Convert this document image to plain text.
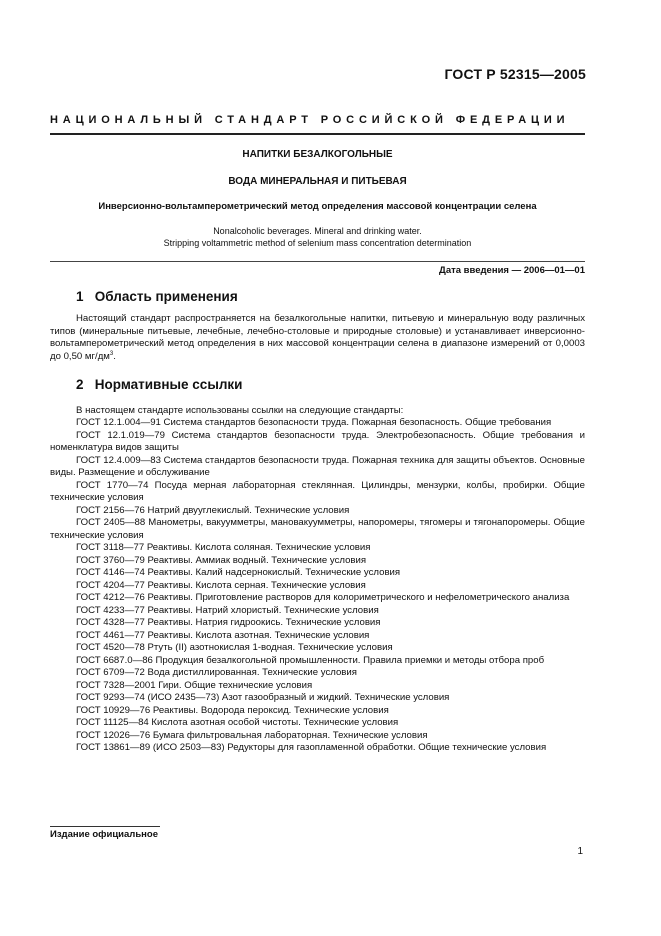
ГОСТ Р 52315—2005
НАЦИОНАЛЬНЫЙ СТАНДАРТ РОССИЙСКОЙ ФЕДЕРАЦИИ
НАПИТКИ БЕЗАЛКОГОЛЬНЫЕ
ВОДА МИНЕРАЛЬНАЯ И ПИТЬЕВАЯ
Инверсионно-вольтамперометрический метод определения массовой концентрации селена
Nonalcoholic beverages. Mineral and drinking water.
Stripping voltammetric method of selenium mass concentration determination
Дата введения — 2006—01—01
1 Область применения
Настоящий стандарт распространяется на безалкогольные напитки, питьевую и минеральную воду различных типов (минеральные питьевые, лечебные, лечебно-столовые и природные столовые) и устанавливает инверсионно-вольтамперометрический метод определения в них массовой концентрации селена в диапазоне измерений от 0,0003 до 0,50 $мг/дм^3$.
2 Нормативные ссылки
В настоящем стандарте использованы ссылки на следующие стандарты:
ГОСТ 12.1.004—91 Система стандартов безопасности труда. Пожарная безопасность. Общие требования
ГОСТ 12.1.019—79 Система стандартов безопасности труда. Электробезопасность. Общие требования и номенклатура видов защиты
ГОСТ 12.4.009—83 Система стандартов безопасности труда. Пожарная техника для защиты объектов. Основные виды. Размещение и обслуживание
ГОСТ 1770—74 Посуда мерная лабораторная стеклянная. Цилиндры, мензурки, колбы, пробирки. Общие технические условия
ГОСТ 2156—76 Натрий двууглекислый. Технические условия
ГОСТ 2405—88 Манометры, вакуумметры, мановакуумметры, напоромеры, тягомеры и тягонапоромеры. Общие технические условия
ГОСТ 3118—77 Реактивы. Кислота соляная. Технические условия
ГОСТ 3760—79 Реактивы. Аммиак водный. Технические условия
ГОСТ 4146—74 Реактивы. Калий надсернокислый. Технические условия
ГОСТ 4204—77 Реактивы. Кислота серная. Технические условия
ГОСТ 4212—76 Реактивы. Приготовление растворов для колориметрического и нефелометрического анализа
ГОСТ 4233—77 Реактивы. Натрий хлористый. Технические условия
ГОСТ 4328—77 Реактивы. Натрия гидроокись. Технические условия
ГОСТ 4461—77 Реактивы. Кислота азотная. Технические условия
ГОСТ 4520—78 Ртуть (II) азотнокислая 1-водная. Технические условия
ГОСТ 6687.0—86 Продукция безалкогольной промышленности. Правила приемки и методы отбора проб
ГОСТ 6709—72 Вода дистиллированная. Технические условия
ГОСТ 7328—2001 Гири. Общие технические условия
ГОСТ 9293—74 (ИСО 2435—73) Азот газообразный и жидкий. Технические условия
ГОСТ 10929—76 Реактивы. Водорода пероксид. Технические условия
ГОСТ 11125—84 Кислота азотная особой чистоты. Технические условия
ГОСТ 12026—76 Бумага фильтровальная лабораторная. Технические условия
ГОСТ 13861—89 (ИСО 2503—83) Редукторы для газопламенной обработки. Общие технические условия
Издание официальное
1
